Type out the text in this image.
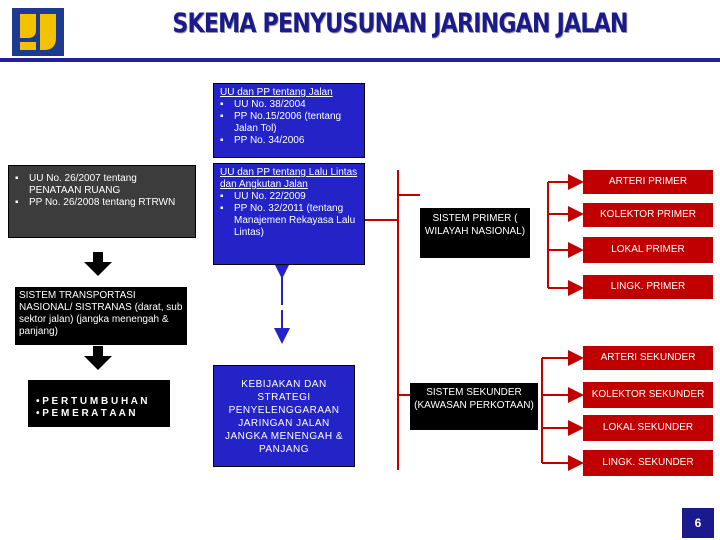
SKEMA PENYUSUNAN JARINGAN JALAN
UU dan PP tentang Jalan
▪ UU No. 38/2004
▪ PP No.15/2006 (tentang Jalan Tol)
▪ PP No. 34/2006
UU dan PP tentang Lalu Lintas dan Angkutan Jalan
▪ UU No. 22/2009
▪ PP No. 32/2011 (tentang Manajemen Rekayasa Lalu Lintas)
▪ UU No. 26/2007 tentang PENATAAN RUANG
▪ PP No. 26/2008 tentang RTRWN
SISTEM TRANSPORTASI NASIONAL/ SISTRANAS (darat, sub sektor jalan) (jangka menengah & panjang)
• P E R T U M B U H A N
• P E M E R A T A A N
KEBIJAKAN DAN STRATEGI PENYELENGGARAAN JARINGAN JALAN JANGKA MENENGAH & PANJANG
SISTEM PRIMER ( WILAYAH NASIONAL)
SISTEM SEKUNDER (KAWASAN PERKOTAAN)
ARTERI PRIMER
KOLEKTOR PRIMER
LOKAL PRIMER
LINGK. PRIMER
ARTERI SEKUNDER
KOLEKTOR SEKUNDER
LOKAL SEKUNDER
LINGK. SEKUNDER
6
